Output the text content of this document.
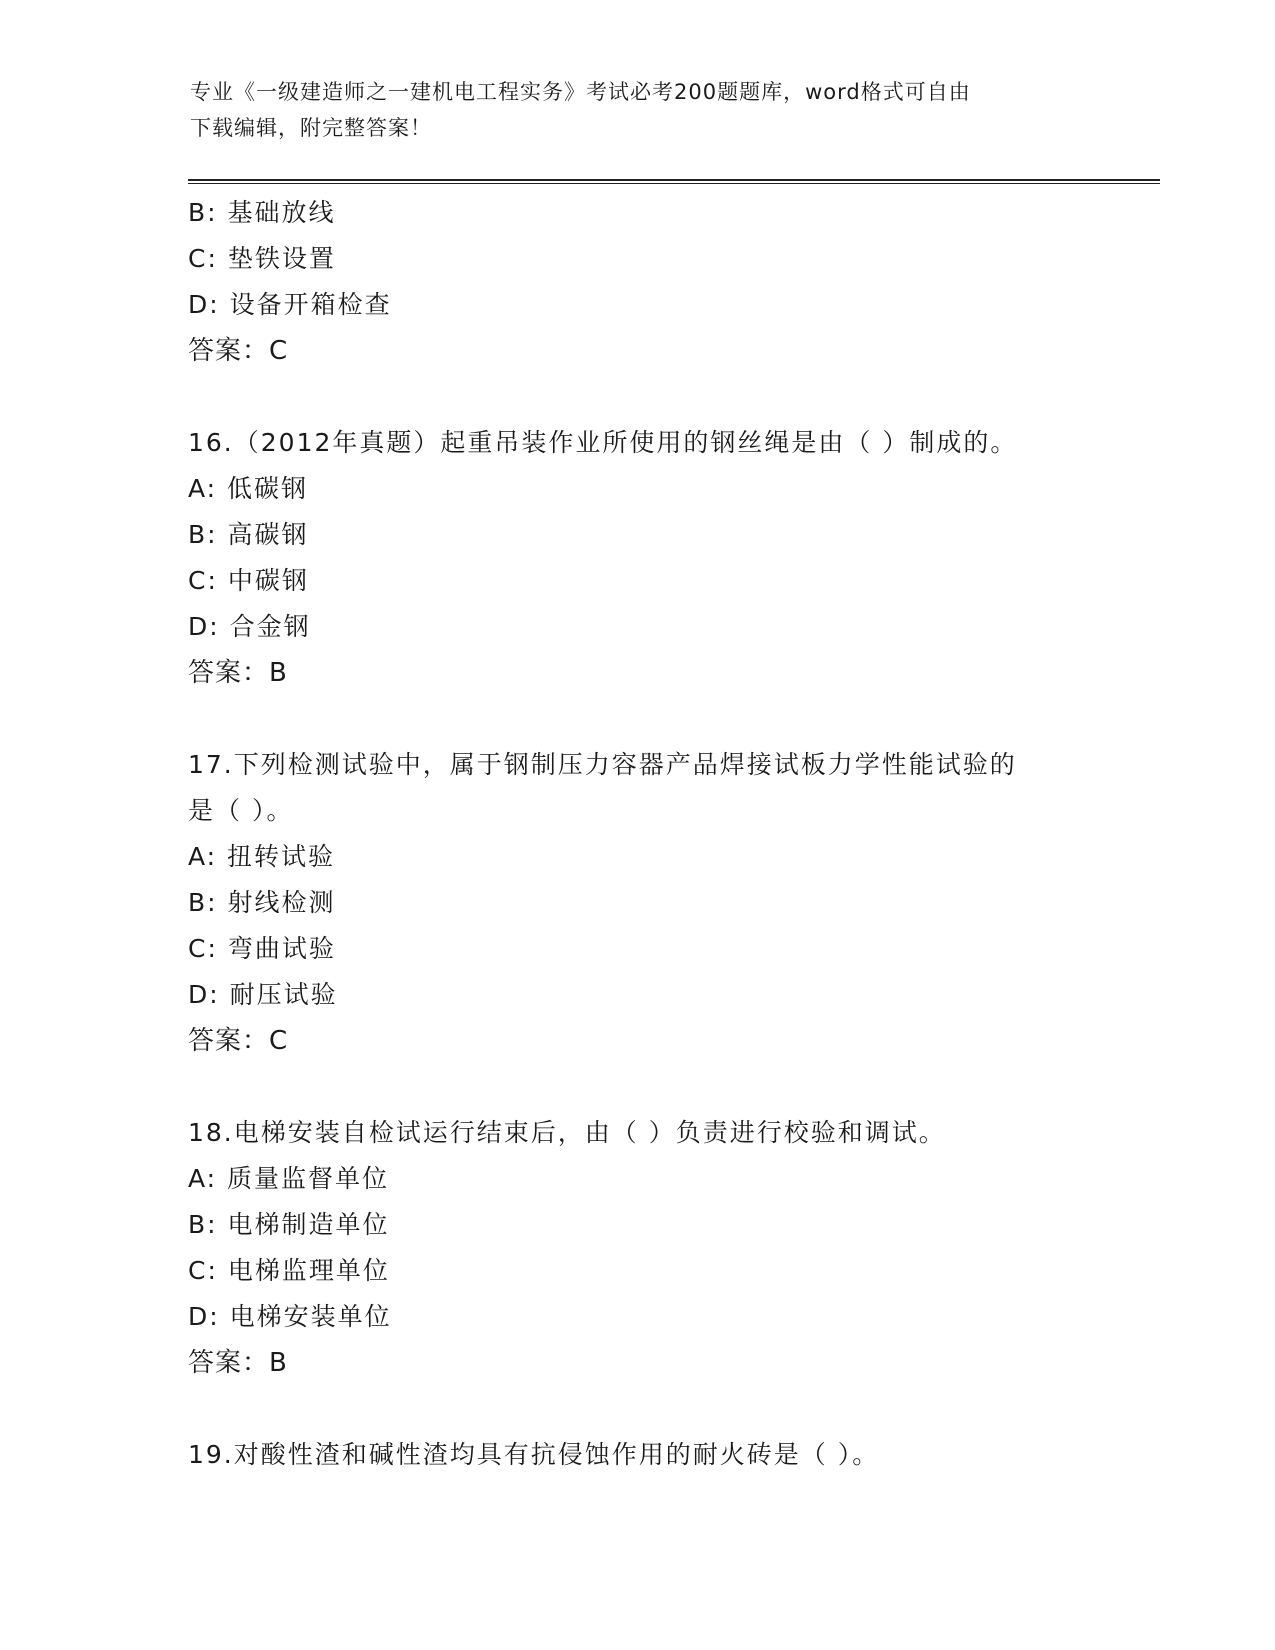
专业《一级建造师之一建机电工程实务》考试必考200题题库，word格式可自由
下载编辑，附完整答案！
B: 基础放线
C: 垫铁设置
D: 设备开箱检查
答案：C
16.（2012年真题）起重吊装作业所使用的钢丝绳是由（ ）制成的。
A: 低碳钢
B: 高碳钢
C: 中碳钢
D: 合金钢
答案：B
17.下列检测试验中，属于钢制压力容器产品焊接试板力学性能试验的
是（ ）。
A: 扭转试验
B: 射线检测
C: 弯曲试验
D: 耐压试验
答案：C
18.电梯安装自检试运行结束后，由（ ）负责进行校验和调试。
A: 质量监督单位
B: 电梯制造单位
C: 电梯监理单位
D: 电梯安装单位
答案：B
19.对酸性渣和碱性渣均具有抗侵蚀作用的耐火砖是（ ）。
